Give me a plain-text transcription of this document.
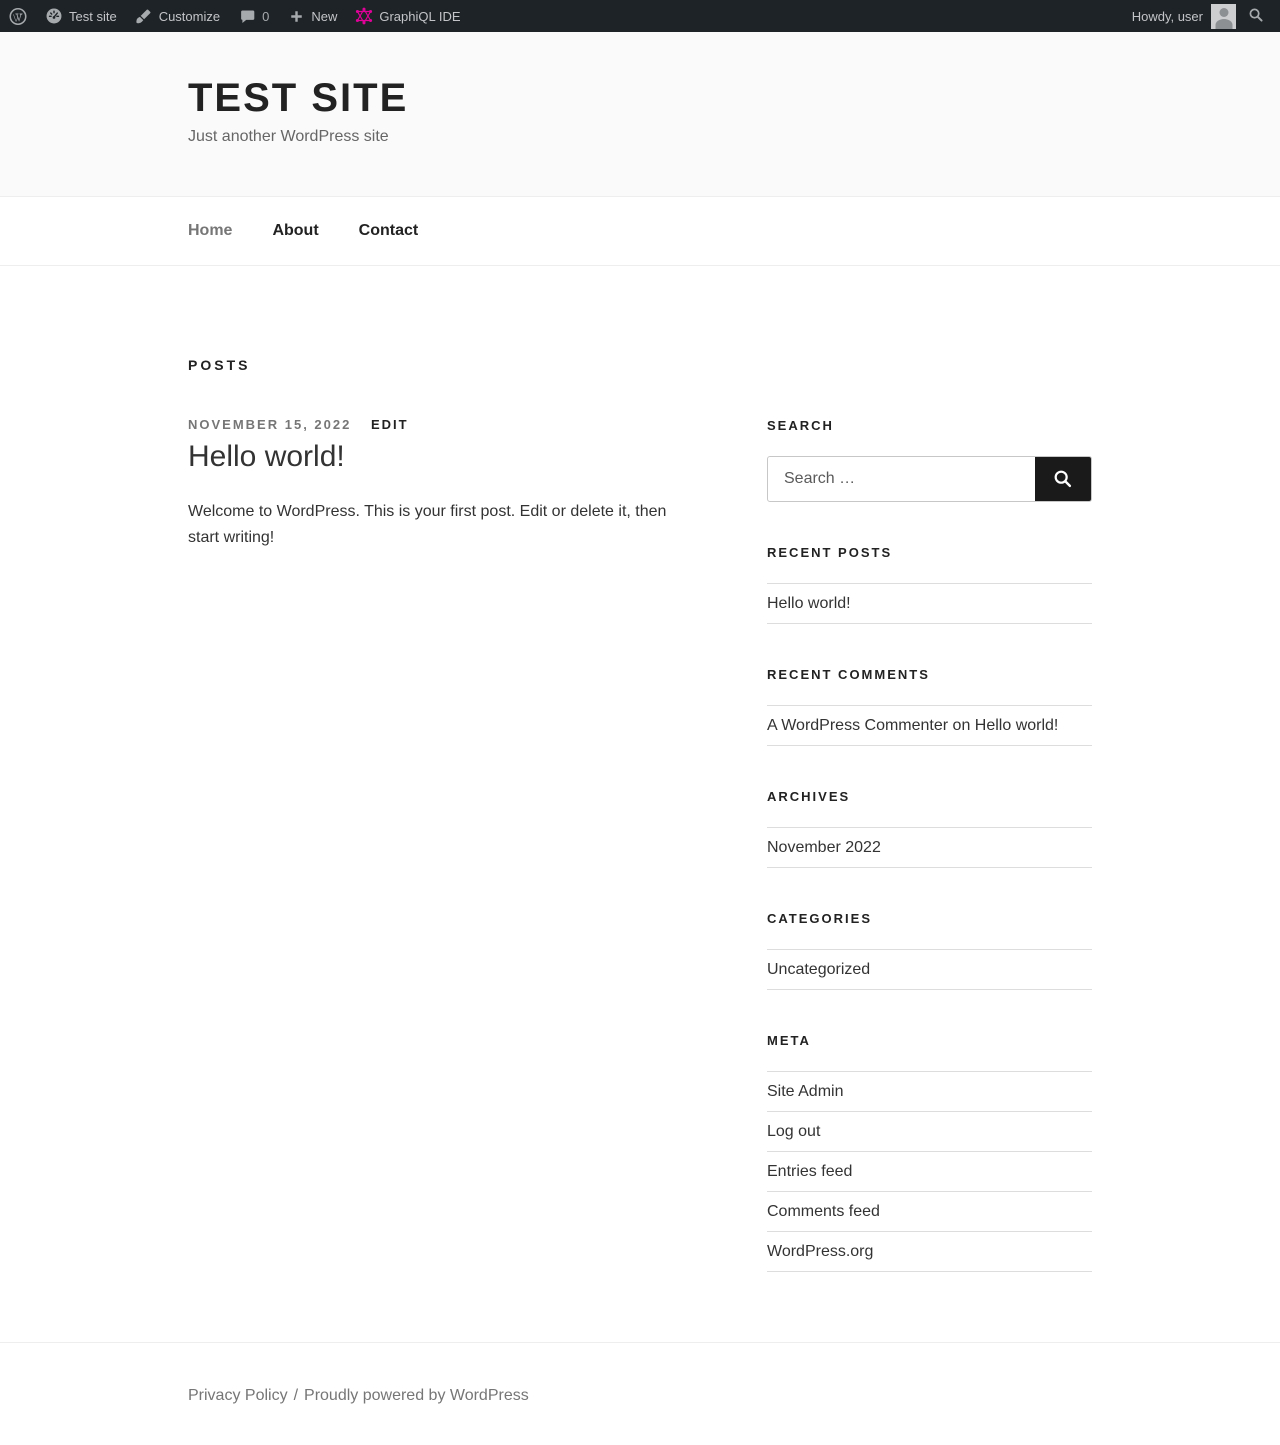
Test site	Customize	0	New	GraphiQL IDE	Howdy, user
TEST SITE
Just another WordPress site
Home	About	Contact
POSTS
NOVEMBER 15, 2022 EDIT
Hello world!

Welcome to WordPress. This is your first post. Edit or delete it, then start writing!

SEARCH
Search …
RECENT POSTS
Hello world!
RECENT COMMENTS
A WordPress Commenter on Hello world!
ARCHIVES
November 2022
CATEGORIES
Uncategorized
META
Site Admin
Log out
Entries feed
Comments feed
WordPress.org
Privacy Policy / Proudly powered by WordPress
